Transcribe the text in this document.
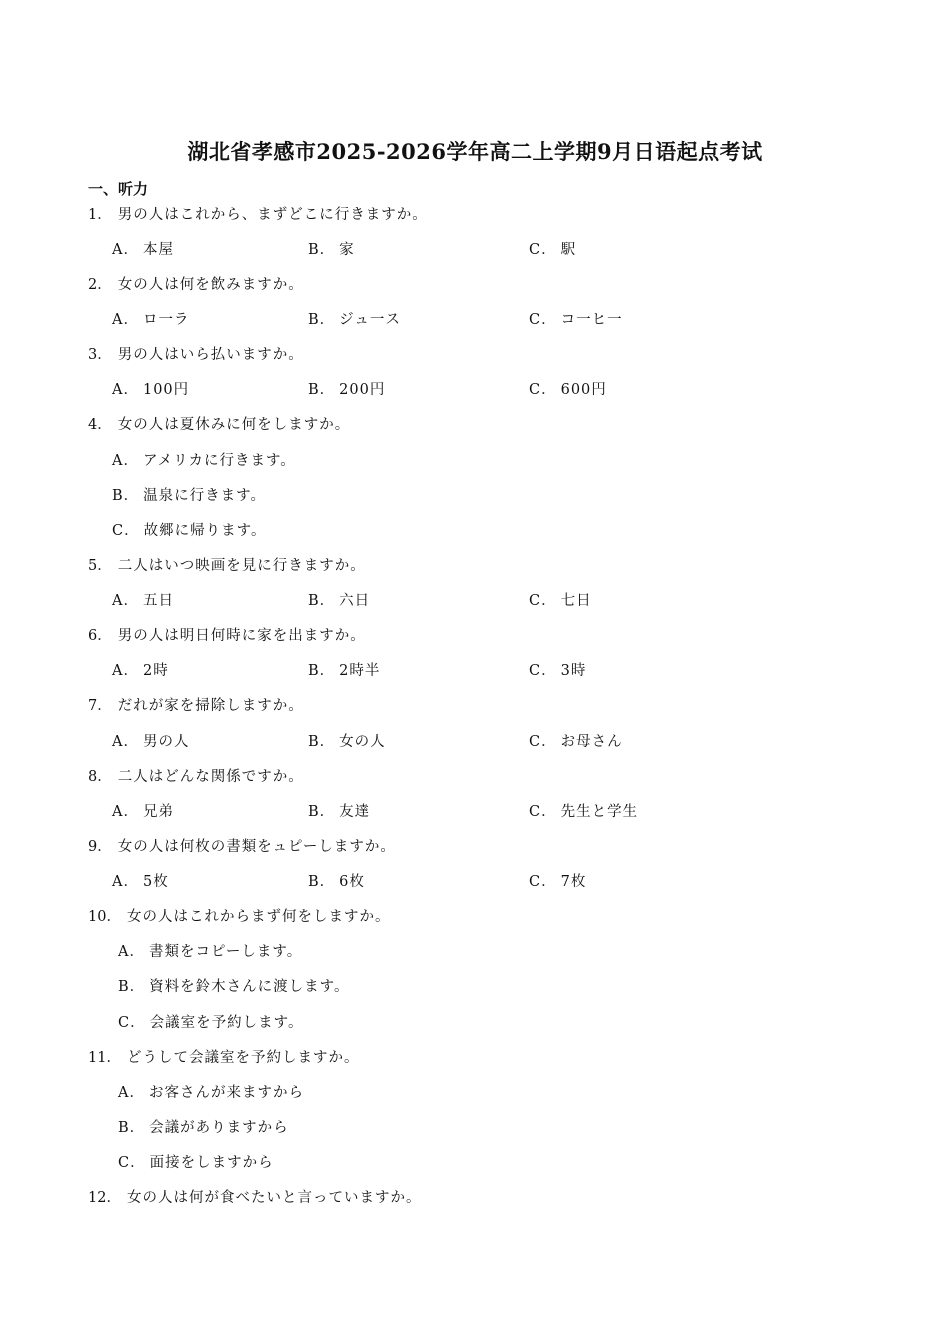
湖北省孝感市2025-2026学年高二上学期9月日语起点考试
一、听力
1． 男の人はこれから、まずどこに行きますか。
A． 本屋	B． 家	C． 駅
2． 女の人は何を飲みますか。
A． ロ一ラ	B． ジュ一ス	C． コ一ヒ一
3． 男の人はいら払いますか。
A． 100円	B． 200円	C． 600円
4． 女の人は夏休みに何をしますか。
A． アメリカに行きます。
B． 温泉に行きます。
C． 故郷に帰ります。
5． 二人はいつ映画を見に行きますか。
A． 五日	B． 六日	C． 七日
6． 男の人は明日何時に家を出ますか。
A． 2時	B． 2時半	C． 3時
7． だれが家を掃除しますか。
A． 男の人	B． 女の人	C． お母さん
8． 二人はどんな関係ですか。
A． 兄弟	B． 友達	C． 先生と学生
9． 女の人は何枚の書類をュピーしますか。
A． 5枚	B． 6枚	C． 7枚
10． 女の人はこれからまず何をしますか。
A． 書類をコピーします。
B． 資料を鈴木さんに渡します。
C． 会議室を予約します。
11． どうして会議室を予約しますか。
A． お客さんが来ますから
B． 会議がありますから
C． 面接をしますから
12． 女の人は何が食べたいと言っていますか。
